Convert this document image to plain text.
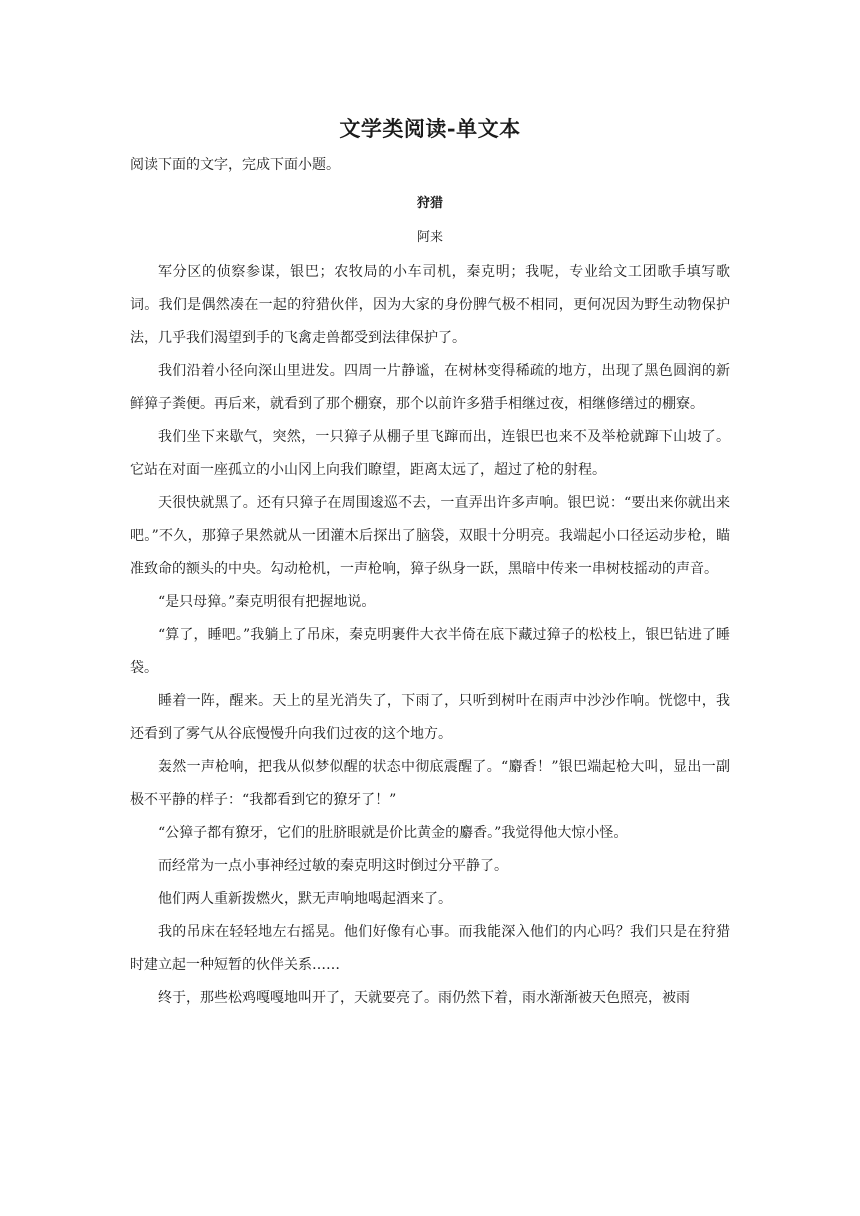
文学类阅读-单文本

阅读下面的文字，完成下面小题。

狩猎

阿来

军分区的侦察参谋，银巴；农牧局的小车司机，秦克明；我呢，专业给文工团歌手填写歌词。我们是偶然凑在一起的狩猎伙伴，因为大家的身份脾气极不相同，更何况因为野生动物保护法，几乎我们渴望到手的飞禽走兽都受到法律保护了。

我们沿着小径向深山里进发。四周一片静谧，在树林变得稀疏的地方，出现了黑色圆润的新鲜獐子粪便。再后来，就看到了那个棚寮，那个以前许多猎手相继过夜，相继修缮过的棚寮。

我们坐下来歇气，突然，一只獐子从棚子里飞蹿而出，连银巴也来不及举枪就蹿下山坡了。它站在对面一座孤立的小山冈上向我们瞭望，距离太远了，超过了枪的射程。

天很快就黑了。还有只獐子在周围逡巡不去，一直弄出许多声响。银巴说：“要出来你就出来吧。”不久，那獐子果然就从一团灌木后探出了脑袋，双眼十分明亮。我端起小口径运动步枪，瞄准致命的额头的中央。勾动枪机，一声枪响，獐子纵身一跃，黑暗中传来一串树枝摇动的声音。

“是只母獐。”秦克明很有把握地说。

“算了，睡吧。”我躺上了吊床，秦克明裹件大衣半倚在底下藏过獐子的松枝上，银巴钻进了睡袋。

睡着一阵，醒来。天上的星光消失了，下雨了，只听到树叶在雨声中沙沙作响。恍惚中，我还看到了雾气从谷底慢慢升向我们过夜的这个地方。

轰然一声枪响，把我从似梦似醒的状态中彻底震醒了。“麝香！”银巴端起枪大叫，显出一副极不平静的样子：“我都看到它的獠牙了！”

“公獐子都有獠牙，它们的肚脐眼就是价比黄金的麝香。”我觉得他大惊小怪。

而经常为一点小事神经过敏的秦克明这时倒过分平静了。

他们两人重新拨燃火，默无声响地喝起酒来了。

我的吊床在轻轻地左右摇晃。他们好像有心事。而我能深入他们的内心吗？我们只是在狩猎时建立起一种短暂的伙伴关系……

终于，那些松鸡嘎嘎地叫开了，天就要亮了。雨仍然下着，雨水渐渐被天色照亮，被雨
